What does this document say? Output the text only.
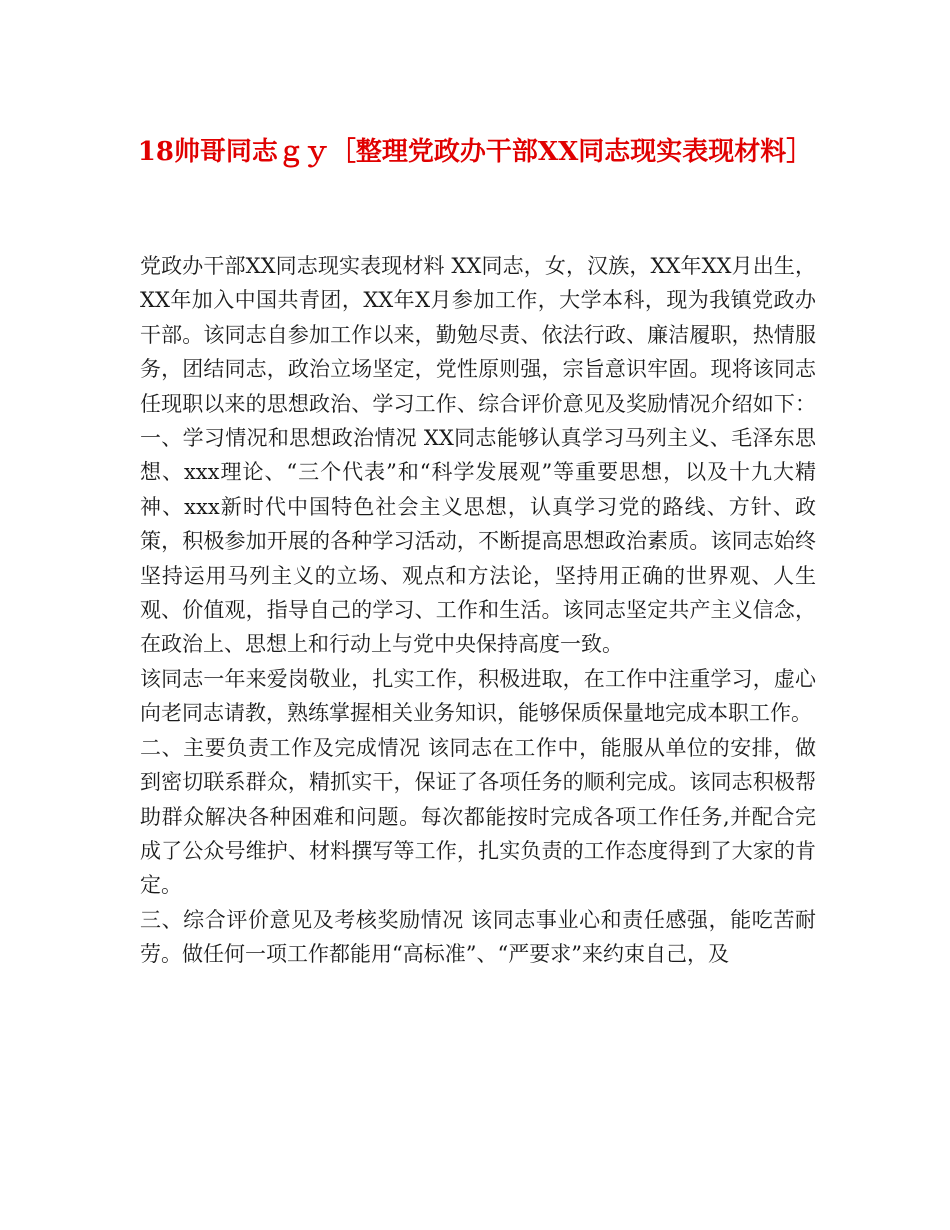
18帅哥同志ｇｙ［整理党政办干部XX同志现实表现材料］

党政办干部XX同志现实表现材料 XX同志，女，汉族，XX年XX月出生，XX年加入中国共青团，XX年X月参加工作，大学本科，现为我镇党政办干部。该同志自参加工作以来，勤勉尽责、依法行政、廉洁履职，热情服务，团结同志，政治立场坚定，党性原则强，宗旨意识牢固。现将该同志任现职以来的思想政治、学习工作、综合评价意见及奖励情况介绍如下： 一、学习情况和思想政治情况 XX同志能够认真学习马列主义、毛泽东思想、xxx理论、“三个代表”和“科学发展观”等重要思想，以及十九大精神、xxx新时代中国特色社会主义思想，认真学习党的路线、方针、政策，积极参加开展的各种学习活动，不断提高思想政治素质。该同志始终坚持运用马列主义的立场、观点和方法论，坚持用正确的世界观、人生观、价值观，指导自己的学习、工作和生活。该同志坚定共产主义信念，在政治上、思想上和行动上与党中央保持高度一致。

该同志一年来爱岗敬业，扎实工作，积极进取，在工作中注重学习，虚心向老同志请教，熟练掌握相关业务知识，能够保质保量地完成本职工作。

二、主要负责工作及完成情况 该同志在工作中，能服从单位的安排，做到密切联系群众，精抓实干，保证了各项任务的顺利完成。该同志积极帮助群众解决各种困难和问题。每次都能按时完成各项工作任务,并配合完成了公众号维护、材料撰写等工作，扎实负责的工作态度得到了大家的肯定。

三、综合评价意见及考核奖励情况 该同志事业心和责任感强，能吃苦耐劳。做任何一项工作都能用“高标准”、“严要求”来约束自己，及
